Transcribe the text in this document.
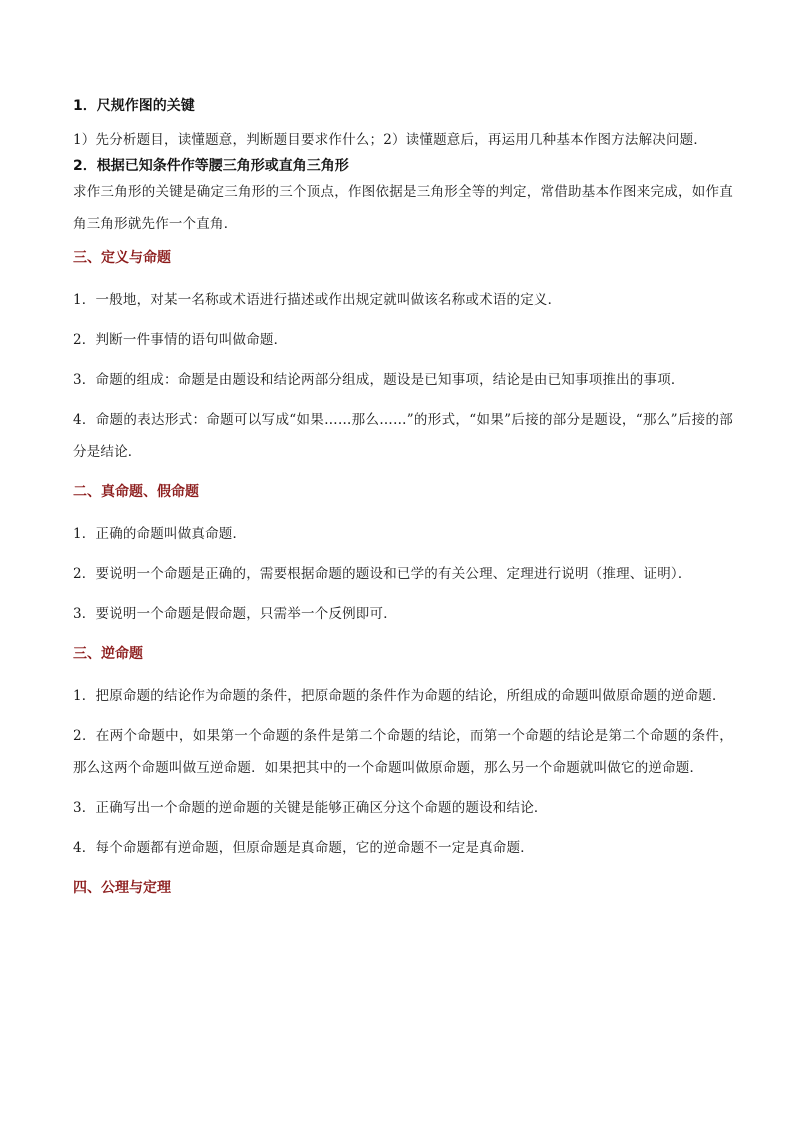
1．尺规作图的关键
1）先分析题目，读懂题意，判断题目要求作什么；2）读懂题意后，再运用几种基本作图方法解决问题．
2．根据已知条件作等腰三角形或直角三角形
求作三角形的关键是确定三角形的三个顶点，作图依据是三角形全等的判定，常借助基本作图来完成，如作直角三角形就先作一个直角．
三、定义与命题
1．一般地，对某一名称或术语进行描述或作出规定就叫做该名称或术语的定义．
2．判断一件事情的语句叫做命题．
3．命题的组成：命题是由题设和结论两部分组成，题设是已知事项，结论是由已知事项推出的事项．
4．命题的表达形式：命题可以写成“如果……那么……”的形式，“如果”后接的部分是题设，“那么”后接的部分是结论．
二、真命题、假命题
1．正确的命题叫做真命题．
2．要说明一个命题是正确的，需要根据命题的题设和已学的有关公理、定理进行说明（推理、证明）．
3．要说明一个命题是假命题，只需举一个反例即可．
三、逆命题
1．把原命题的结论作为命题的条件，把原命题的条件作为命题的结论，所组成的命题叫做原命题的逆命题．
2．在两个命题中，如果第一个命题的条件是第二个命题的结论，而第一个命题的结论是第二个命题的条件，那么这两个命题叫做互逆命题．如果把其中的一个命题叫做原命题，那么另一个命题就叫做它的逆命题．
3．正确写出一个命题的逆命题的关键是能够正确区分这个命题的题设和结论．
4．每个命题都有逆命题，但原命题是真命题，它的逆命题不一定是真命题．
四、公理与定理
